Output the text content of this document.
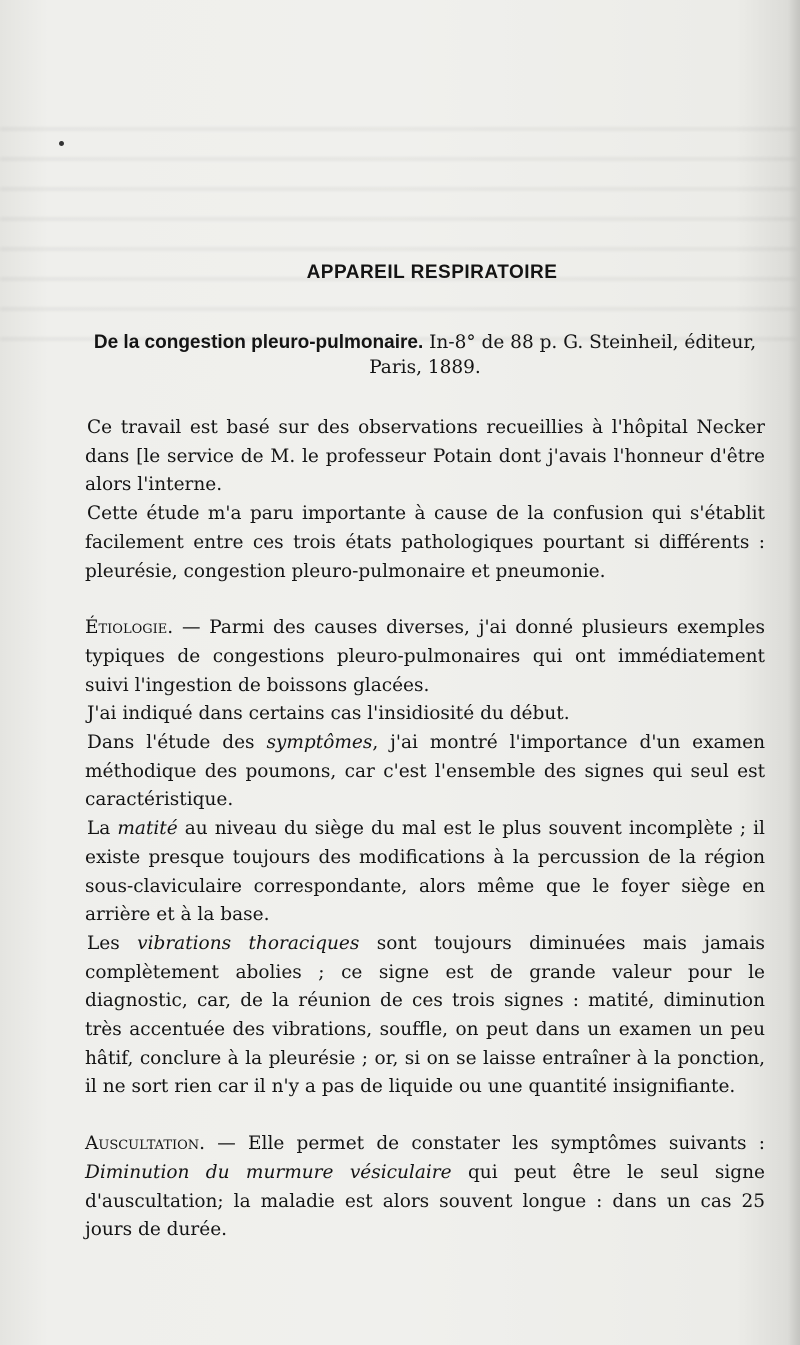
APPAREIL RESPIRATOIRE
De la congestion pleuro-pulmonaire. In-8° de 88 p. G. Steinheil, éditeur, Paris, 1889.

Ce travail est basé sur des observations recueillies à l'hôpital Necker dans [le service de M. le professeur Potain dont j'avais l'honneur d'être alors l'interne.

Cette étude m'a paru importante à cause de la confusion qui s'établit facilement entre ces trois états pathologiques pourtant si différents : pleurésie, congestion pleuro-pulmonaire et pneumonie.

Étiologie. — Parmi des causes diverses, j'ai donné plusieurs exemples typiques de congestions pleuro-pulmonaires qui ont immédiatement suivi l'ingestion de boissons glacées.

J'ai indiqué dans certains cas l'insidiosité du début.

Dans l'étude des symptômes, j'ai montré l'importance d'un examen méthodique des poumons, car c'est l'ensemble des signes qui seul est caractéristique.

La matité au niveau du siège du mal est le plus souvent incomplète ; il existe presque toujours des modifications à la percussion de la région sous-claviculaire correspondante, alors même que le foyer siège en arrière et à la base.

Les vibrations thoraciques sont toujours diminuées mais jamais complètement abolies ; ce signe est de grande valeur pour le diagnostic, car, de la réunion de ces trois signes : matité, diminution très accentuée des vibrations, souffle, on peut dans un examen un peu hâtif, conclure à la pleurésie ; or, si on se laisse entraîner à la ponction, il ne sort rien car il n'y a pas de liquide ou une quantité insignifiante.

Auscultation. — Elle permet de constater les symptômes suivants : Diminution du murmure vésiculaire qui peut être le seul signe d'auscultation; la maladie est alors souvent longue : dans un cas 25 jours de durée.
